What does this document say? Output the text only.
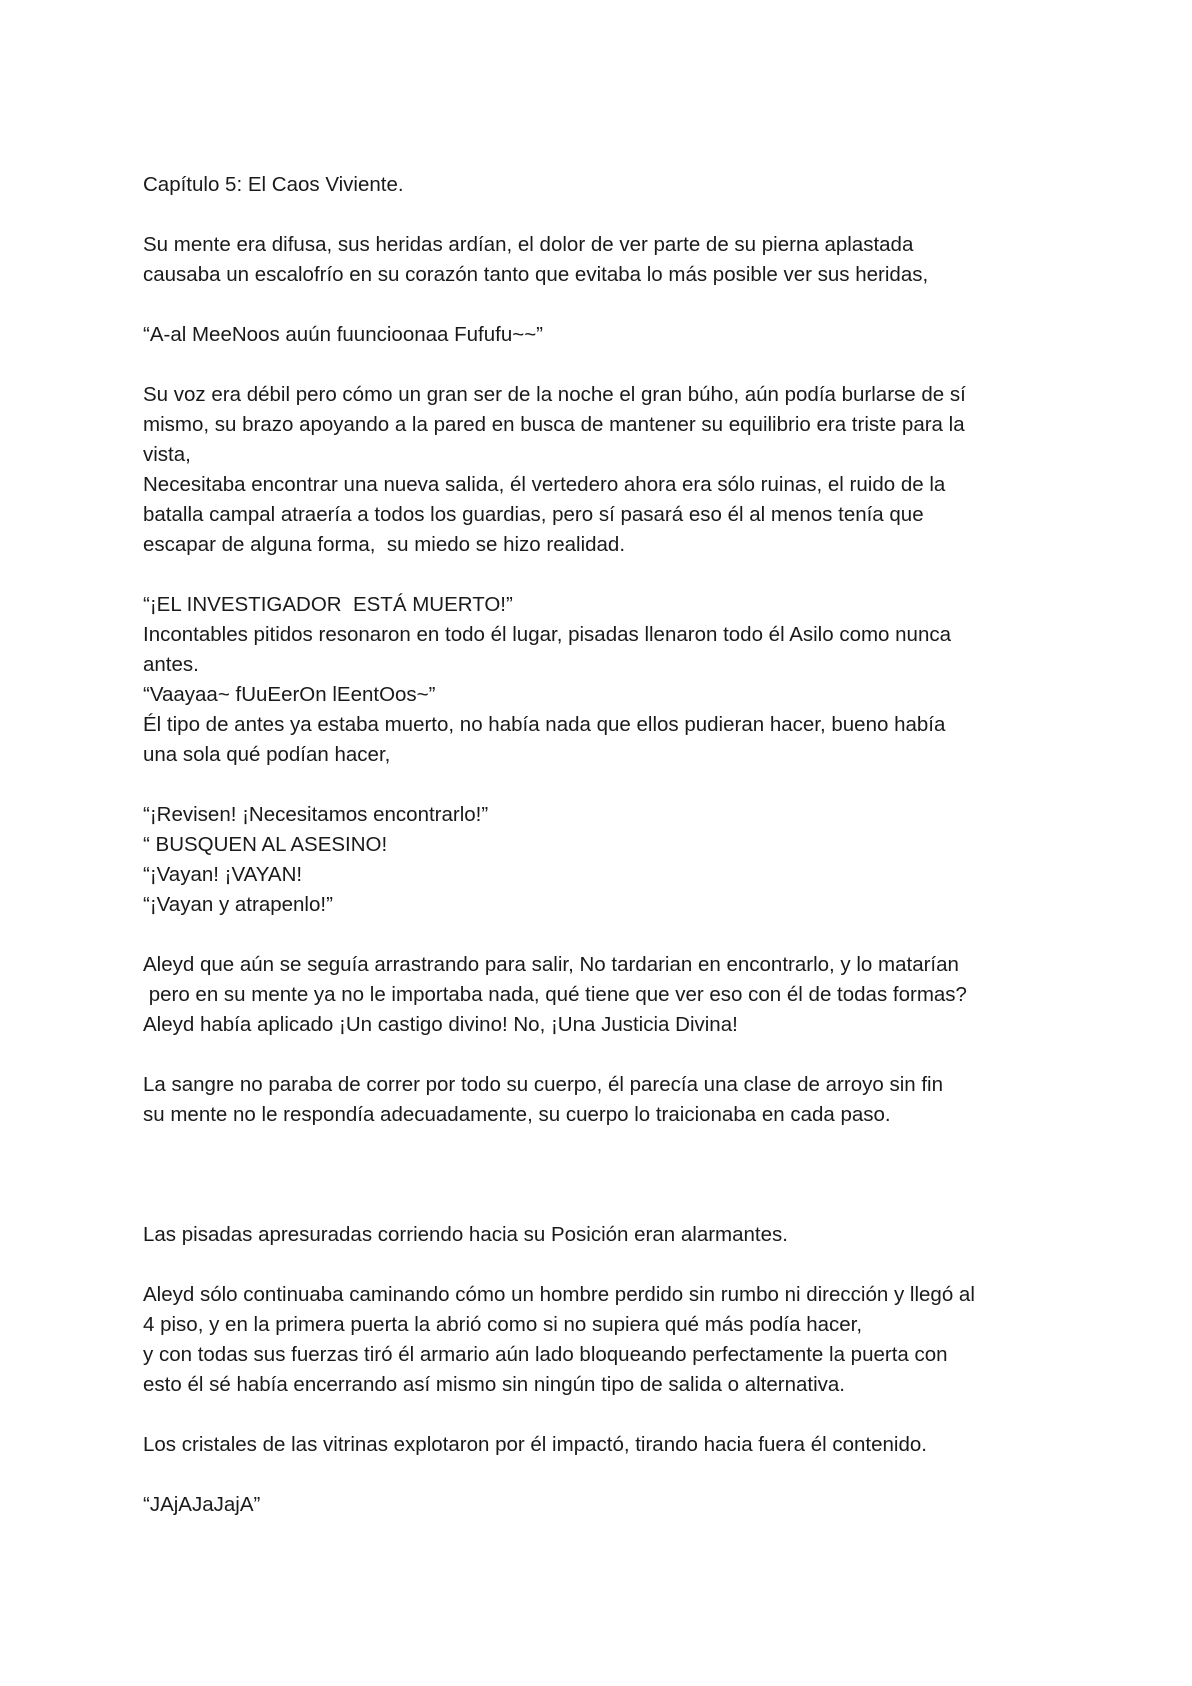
Capítulo 5: El Caos Viviente.
Su mente era difusa, sus heridas ardían, el dolor de ver parte de su pierna aplastada
causaba un escalofrío en su corazón tanto que evitaba lo más posible ver sus heridas,
“A-al MeeNoos auún fuuncioonaa Fufufu~~”
Su voz era débil pero cómo un gran ser de la noche el gran búho, aún podía burlarse de sí
mismo, su brazo apoyando a la pared en busca de mantener su equilibrio era triste para la
vista,
Necesitaba encontrar una nueva salida, él vertedero ahora era sólo ruinas, el ruido de la
batalla campal atraería a todos los guardias, pero sí pasará eso él al menos tenía que
escapar de alguna forma,  su miedo se hizo realidad.
“¡EL INVESTIGADOR  ESTÁ MUERTO!”
Incontables pitidos resonaron en todo él lugar, pisadas llenaron todo él Asilo como nunca
antes.
“Vaayaa~ fUuEerOn lEentOos~”
Él tipo de antes ya estaba muerto, no había nada que ellos pudieran hacer, bueno había
una sola qué podían hacer,
“¡Revisen! ¡Necesitamos encontrarlo!”
“ BUSQUEN AL ASESINO!
“¡Vayan! ¡VAYAN!
“¡Vayan y atrapenlo!”
Aleyd que aún se seguía arrastrando para salir, No tardarian en encontrarlo, y lo matarían
pero en su mente ya no le importaba nada, qué tiene que ver eso con él de todas formas?
Aleyd había aplicado ¡Un castigo divino! No, ¡Una Justicia Divina!
La sangre no paraba de correr por todo su cuerpo, él parecía una clase de arroyo sin fin
su mente no le respondía adecuadamente, su cuerpo lo traicionaba en cada paso.
Las pisadas apresuradas corriendo hacia su Posición eran alarmantes.
Aleyd sólo continuaba caminando cómo un hombre perdido sin rumbo ni dirección y llegó al
4 piso, y en la primera puerta la abrió como si no supiera qué más podía hacer,
y con todas sus fuerzas tiró él armario aún lado bloqueando perfectamente la puerta con
esto él sé había encerrando así mismo sin ningún tipo de salida o alternativa.
Los cristales de las vitrinas explotaron por él impactó, tirando hacia fuera él contenido.
“JAjAJaJajA”
